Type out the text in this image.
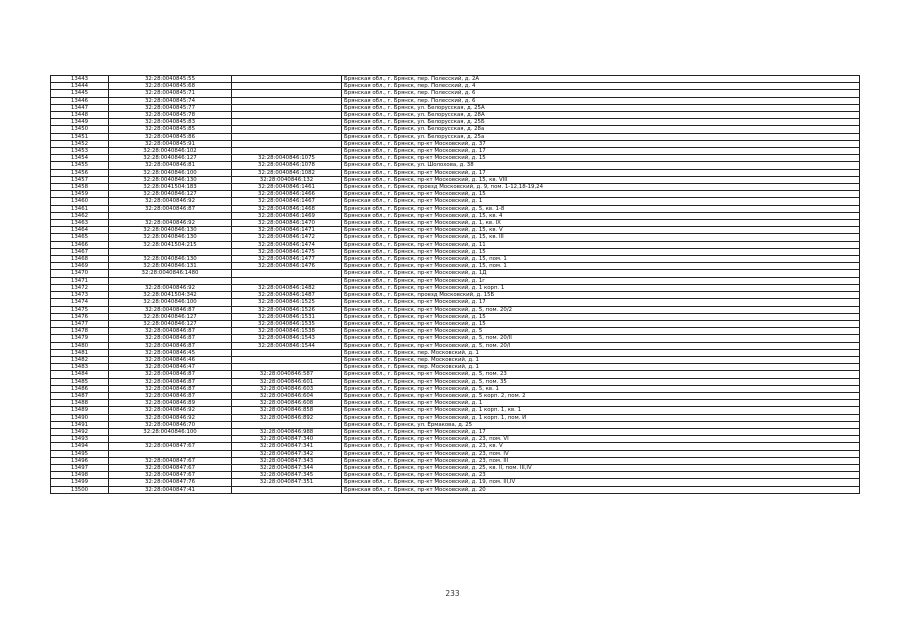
13443	32:28:0040845:55		Брянская обл., г. Брянск, пер. Полесский, д. 2А
13444	32:28:0040845:68		Брянская обл., г. Брянск, пер. Полесский, д. 4
13445	32:28:0040845:71		Брянская обл., г. Брянск, пер. Полесский, д. 6
13446	32:28:0040845:74		Брянская обл., г. Брянск, пер. Полесский, д. 6
13447	32:28:0040845:77		Брянская обл., г. Брянск, ул. Белорусская, д. 25А
13448	32:28:0040845:78		Брянская обл., г. Брянск, ул. Белорусская, д. 28А
13449	32:28:0040845:83		Брянская обл., г. Брянск, ул. Белорусская, д. 25Б
13450	32:28:0040845:85		Брянская обл., г. Брянск, ул. Белорусская, д. 28а
13451	32:28:0040845:86		Брянская обл., г. Брянск, ул. Белорусская, д. 25а
13452	32:28:0040845:91		Брянская обл., г. Брянск, пр-кт Московский, д. 37
13453	32:28:0040846:102		Брянская обл., г. Брянск, пр-кт Московский, д. 17
13454	32:28:0040846:127	32:28:0040846:1075	Брянская обл., г. Брянск, пр-кт Московский, д. 15
13455	32:28:0040846:81	32:28:0040846:1078	Брянская обл., г. Брянск, ул. Шолохова, д. 38
13456	32:28:0040846:100	32:28:0040846:1082	Брянская обл., г. Брянск, пр-кт Московский, д. 17
13457	32:28:0040846:130	32:28:0040846:132	Брянская обл., г. Брянск, пр-кт Московский, д. 15, кв. VIII
13458	32:28:0041504:183	32:28:0040846:1461	Брянская обл., г. Брянск, проезд Московский, д. 9, пом. 1-12,18-19,24
13459	32:28:0040846:127	32:28:0040846:1466	Брянская обл., г. Брянск, пр-кт Московский, д. 15
13460	32:28:0040846:92	32:28:0040846:1467	Брянская обл., г. Брянск, пр-кт Московский, д. 1
13461	32:28:0040846:87	32:28:0040846:1468	Брянская обл., г. Брянск, пр-кт Московский, д. 5, кв. 1-8
13462		32:28:0040846:1469	Брянская обл., г. Брянск, пр-кт Московский, д. 15, кв. 4
13463	32:28:0040846:92	32:28:0040846:1470	Брянская обл., г. Брянск, пр-кт Московский, д. 1, кв. IX
13464	32:28:0040846:130	32:28:0040846:1471	Брянская обл., г. Брянск, пр-кт Московский, д. 15, кв. V
13465	32:28:0040846:130	32:28:0040846:1472	Брянская обл., г. Брянск, пр-кт Московский, д. 15, кв. III
13466	32:28:0041504:215	32:28:0040846:1474	Брянская обл., г. Брянск, пр-кт Московский, д. 11
13467		32:28:0040846:1475	Брянская обл., г. Брянск, пр-кт Московский, д. 15
13468	32:28:0040846:130	32:28:0040846:1477	Брянская обл., г. Брянск, пр-кт Московский, д. 15, пом. 1
13469	32:28:0040846:131	32:28:0040846:1476	Брянская обл., г. Брянск, пр-кт Московский, д. 15, пом. 1
13470	32:28:0040846:1480		Брянская обл., г. Брянск, пр-кт Московский, д. 1Д
13471			Брянская обл., г. Брянск, пр-кт Московский, д. 1г
13472	32:28:0040846:92	32:28:0040846:1482	Брянская обл., г. Брянск, пр-кт Московский, д. 1 корп. 1
13473	32:28:0041504:342	32:28:0040846:1487	Брянская обл., г. Брянск, проезд Московский, д. 15Б
13474	32:28:0040846:100	32:28:0040846:1525	Брянская обл., г. Брянск, пр-кт Московский, д. 17
13475	32:28:0040846:87	32:28:0040846:1526	Брянская обл., г. Брянск, пр-кт Московский, д. 5, пом. 20/2
13476	32:28:0040846:127	32:28:0040846:1531	Брянская обл., г. Брянск, пр-кт Московский, д. 15
13477	32:28:0040846:127	32:28:0040846:1535	Брянская обл., г. Брянск, пр-кт Московский, д. 15
13478	32:28:0040846:87	32:28:0040846:1538	Брянская обл., г. Брянск, пр-кт Московский, д. 5
13479	32:28:0040846:87	32:28:0040846:1543	Брянская обл., г. Брянск, пр-кт Московский, д. 5, пом. 20/II
13480	32:28:0040846:87	32:28:0040846:1544	Брянская обл., г. Брянск, пр-кт Московский, д. 5, пом. 20/I
13481	32:28:0040846:45		Брянская обл., г. Брянск, пер. Московский, д. 1
13482	32:28:0040846:46		Брянская обл., г. Брянск, пер. Московский, д. 1
13483	32:28:0040846:47		Брянская обл., г. Брянск, пер. Московский, д. 1
13484	32:28:0040846:87	32:28:0040846:587	Брянская обл., г. Брянск, пр-кт Московский, д. 5, пом. 23
13485	32:28:0040846:87	32:28:0040846:601	Брянская обл., г. Брянск, пр-кт Московский, д. 5, пом. 35
13486	32:28:0040846:87	32:28:0040846:603	Брянская обл., г. Брянск, пр-кт Московский, д. 5, кв. 1
13487	32:28:0040846:87	32:28:0040846:604	Брянская обл., г. Брянск, пр-кт Московский, д. 5 корп. 2, пом. 2
13488	32:28:0040846:89	32:28:0040846:608	Брянская обл., г. Брянск, пр-кт Московский, д. 1
13489	32:28:0040846:92	32:28:0040846:858	Брянская обл., г. Брянск, пр-кт Московский, д. 1 корп. 1, кв. 1
13490	32:28:0040846:92	32:28:0040846:892	Брянская обл., г. Брянск, пр-кт Московский, д. 1 корп. 1, пом. И
13491	32:28:0040846:70		Брянская обл., г. Брянск, ул. Ермакова, д. 25
13492	32:28:0040846:100	32:28:0040846:988	Брянская обл., г. Брянск, пр-кт Московский, д. 17
13493		32:28:0040847:340	Брянская обл., г. Брянск, пр-кт Московский, д. 23, пом. VI
13494	32:28:0040847:67	32:28:0040847:341	Брянская обл., г. Брянск, пр-кт Московский, д. 23, кв. V
13495		32:28:0040847:342	Брянская обл., г. Брянск, пр-кт Московский, д. 23, пом. IV
13496	32:28:0040847:67	32:28:0040847:343	Брянская обл., г. Брянск, пр-кт Московский, д. 23, пом. III
13497	32:28:0040847:67	32:28:0040847:344	Брянская обл., г. Брянск, пр-кт Московский, д. 25, кв. II, пом. III,IV
13498	32:28:0040847:67	32:28:0040847:345	Брянская обл., г. Брянск, пр-кт Московский, д. 23
13499	32:28:0040847:76	32:28:0040847:351	Брянская обл., г. Брянск, пр-кт Московский, д. 19, пом. III,IV
13500	32:28:0040847:41		Брянская обл., г. Брянск, пр-кт Московский, д. 20
233
